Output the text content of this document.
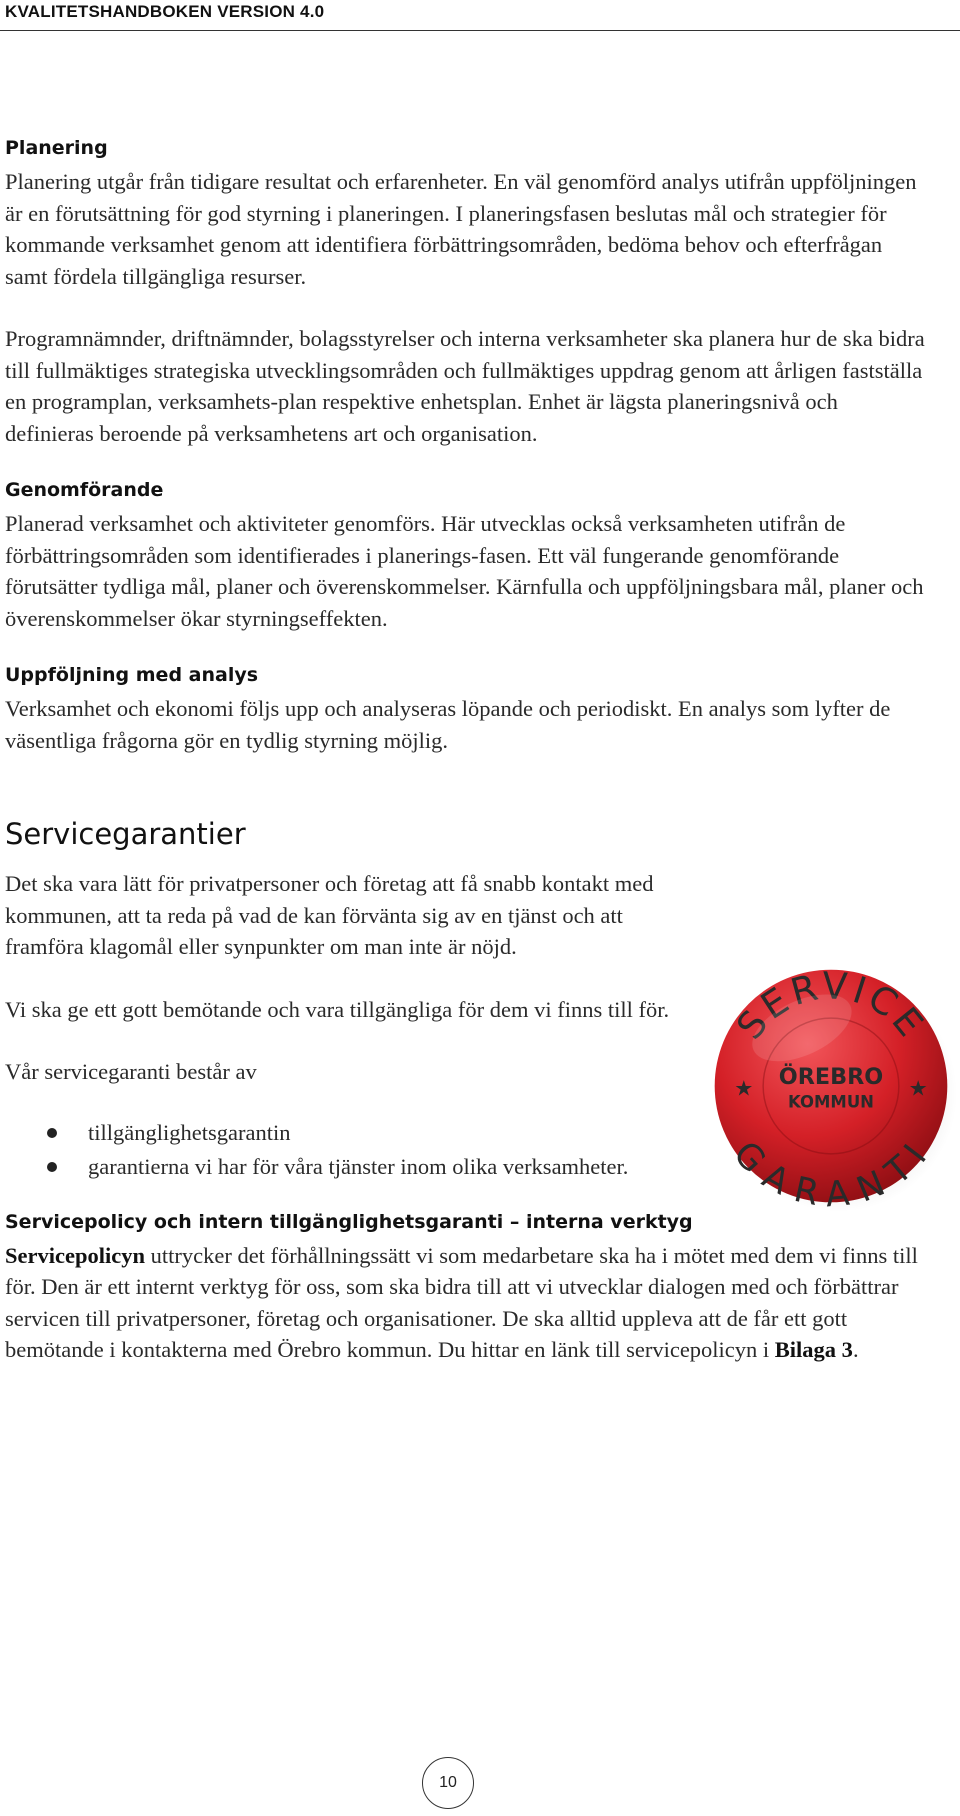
KVALITETSHANDBOKEN VERSION 4.0
Planering

Planering utgår från tidigare resultat och erfarenheter. En väl genomförd analys utifrån uppföljningen är en förutsättning för god styrning i planeringen. I planeringsfasen beslutas mål och strategier för kommande verksamhet genom att identifiera förbättringsområden, bedöma behov och efterfrågan samt fördela tillgängliga resurser.

Programnämnder, driftnämnder, bolagsstyrelser och interna verksamheter ska planera hur de ska bidra till fullmäktiges strategiska utvecklingsområden och fullmäktiges uppdrag genom att årligen fastställa en programplan, verksamhets-plan respektive enhetsplan. Enhet är lägsta planeringsnivå och definieras beroende på verksamhetens art och organisation.

Genomförande

Planerad verksamhet och aktiviteter genomförs. Här utvecklas också verksamheten utifrån de förbättringsområden som identifierades i planerings-fasen. Ett väl fungerande genomförande förutsätter tydliga mål, planer och överenskommelser. Kärnfulla och uppföljningsbara mål, planer och överenskommelser ökar styrningseffekten.

Uppföljning med analys

Verksamhet och ekonomi följs upp och analyseras löpande och periodiskt. En analys som lyfter de väsentliga frågorna gör en tydlig styrning möjlig.

Servicegarantier

Det ska vara lätt för privatpersoner och företag att få snabb kontakt med kommunen, att ta reda på vad de kan förvänta sig av en tjänst och att framföra klagomål eller synpunkter om man inte är nöjd.

Vi ska ge ett gott bemötande och vara tillgängliga för dem vi finns till för.

Vår servicegaranti består av

tillgänglighetsgarantin
garantierna vi har för våra tjänster inom olika verksamheter.
Servicepolicy och intern tillgänglighetsgaranti – interna verktyg

Servicepolicyn uttrycker det förhållningssätt vi som medarbetare ska ha i mötet med dem vi finns till för. Den är ett internt verktyg för oss, som ska bidra till att vi utvecklar dialogen med och förbättrar servicen till privatpersoner, företag och organisationer. De ska alltid uppleva att de får ett gott bemötande i kontakterna med Örebro kommun. Du hittar en länk till servicepolicyn i Bilaga 3.

SERVICE
GARANTI
ÖREBRO
KOMMUN
★	★
10
